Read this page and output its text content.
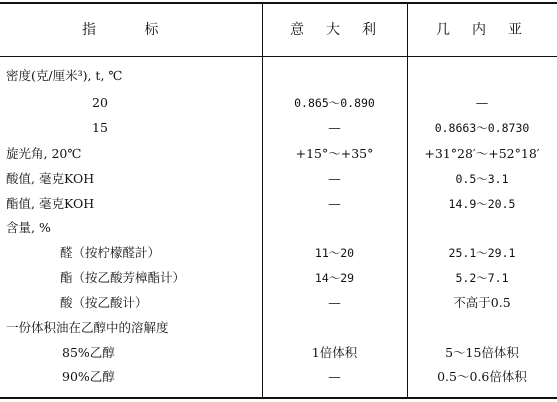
指 标	意大利	几内亚
密度(克/厘米³), t, ℃
20	0.865～0.890	—
15	—	0.8663～0.8730
旋光角, 20℃	+15°～+35°	+31°28′～+52°18′
酸值, 毫克KOH	—	0.5～3.1
酯值, 毫克KOH	—	14.9～20.5
含量, %
醛（按柠檬醛計）	11～20	25.1～29.1
酯（按乙酸芳樟酯计）	14～29	5.2～7.1
酸（按乙酸计）	—	不高于0.5
一份体积油在乙醇中的溶解度
85%乙醇	1倍体积	5～15倍体积
90%乙醇	—	0.5～0.6倍体积
